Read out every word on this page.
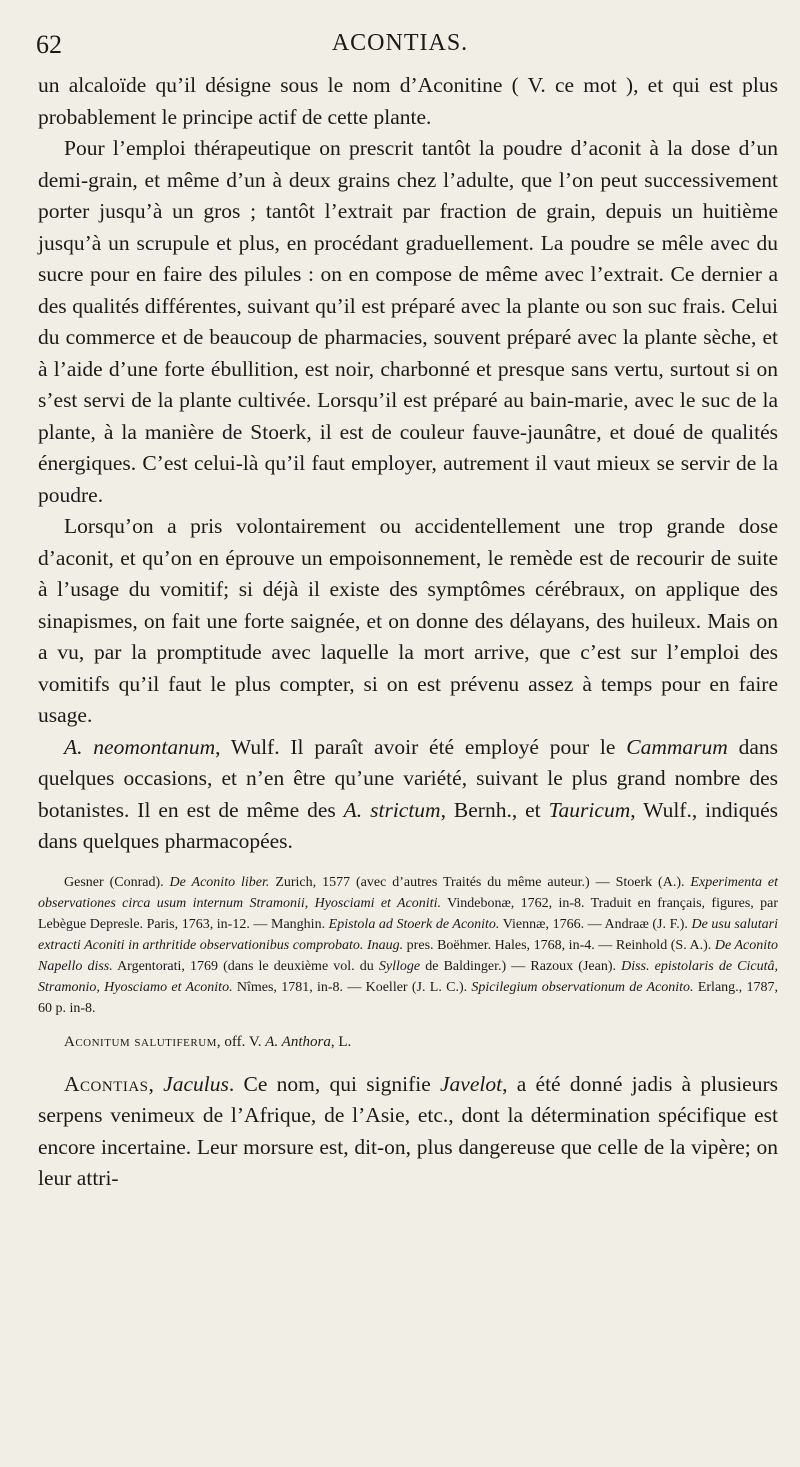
62	ACONTIAS.

un alcaloïde qu’il désigne sous le nom d’Aconitine ( V. ce mot ), et qui est plus probablement le principe actif de cette plante.

Pour l’emploi thérapeutique on prescrit tantôt la poudre d’aconit à la dose d’un demi-grain, et même d’un à deux grains chez l’adulte, que l’on peut successivement porter jusqu’à un gros ; tantôt l’extrait par fraction de grain, depuis un huitième jusqu’à un scrupule et plus, en procédant graduellement. La poudre se mêle avec du sucre pour en faire des pilules : on en compose de même avec l’extrait. Ce dernier a des qualités différentes, suivant qu’il est préparé avec la plante ou son suc frais. Celui du commerce et de beaucoup de pharmacies, souvent préparé avec la plante sèche, et à l’aide d’une forte ébullition, est noir, charbonné et presque sans vertu, surtout si on s’est servi de la plante cultivée. Lorsqu’il est préparé au bain-marie, avec le suc de la plante, à la manière de Stoerk, il est de couleur fauve-jaunâtre, et doué de qualités énergiques. C’est celui-là qu’il faut employer, autrement il vaut mieux se servir de la poudre.

Lorsqu’on a pris volontairement ou accidentellement une trop grande dose d’aconit, et qu’on en éprouve un empoisonnement, le remède est de recourir de suite à l’usage du vomitif; si déjà il existe des symptômes cérébraux, on applique des sinapismes, on fait une forte saignée, et on donne des délayans, des huileux. Mais on a vu, par la promptitude avec laquelle la mort arrive, que c’est sur l’emploi des vomitifs qu’il faut le plus compter, si on est prévenu assez à temps pour en faire usage.

A. neomontanum, Wulf. Il paraît avoir été employé pour le Cammarum dans quelques occasions, et n’en être qu’une variété, suivant le plus grand nombre des botanistes. Il en est de même des A. strictum, Bernh., et Tauricum, Wulf., indiqués dans quelques pharmacopées.

Gesner (Conrad). De Aconito liber. Zurich, 1577 (avec d’autres Traités du même auteur.) — Stoerk (A.). Experimenta et observationes circa usum internum Stramonii, Hyosciami et Aconiti. Vindebonæ, 1762, in-8. Traduit en français, figures, par Lebègue Depresle. Paris, 1763, in-12. — Manghin. Epistola ad Stoerk de Aconito. Viennæ, 1766. — Andraæ (J. F.). De usu salutari extracti Aconiti in arthritide observationibus comprobato. Inaug. pres. Boëhmer. Hales, 1768, in-4. — Reinhold (S. A.). De Aconito Napello diss. Argentorati, 1769 (dans le deuxième vol. du Sylloge de Baldinger.) — Razoux (Jean). Diss. epistolaris de Cicutâ, Stramonio, Hyosciamo et Aconito. Nîmes, 1781, in-8. — Koeller (J. L. C.). Spicilegium observationum de Aconito. Erlang., 1787, 60 p. in-8.

Aconitum salutiferum, off. V. A. Anthora, L.

Acontias, Jaculus. Ce nom, qui signifie Javelot, a été donné jadis à plusieurs serpens venimeux de l’Afrique, de l’Asie, etc., dont la détermination spécifique est encore incertaine. Leur morsure est, dit-on, plus dangereuse que celle de la vipère; on leur attri-
